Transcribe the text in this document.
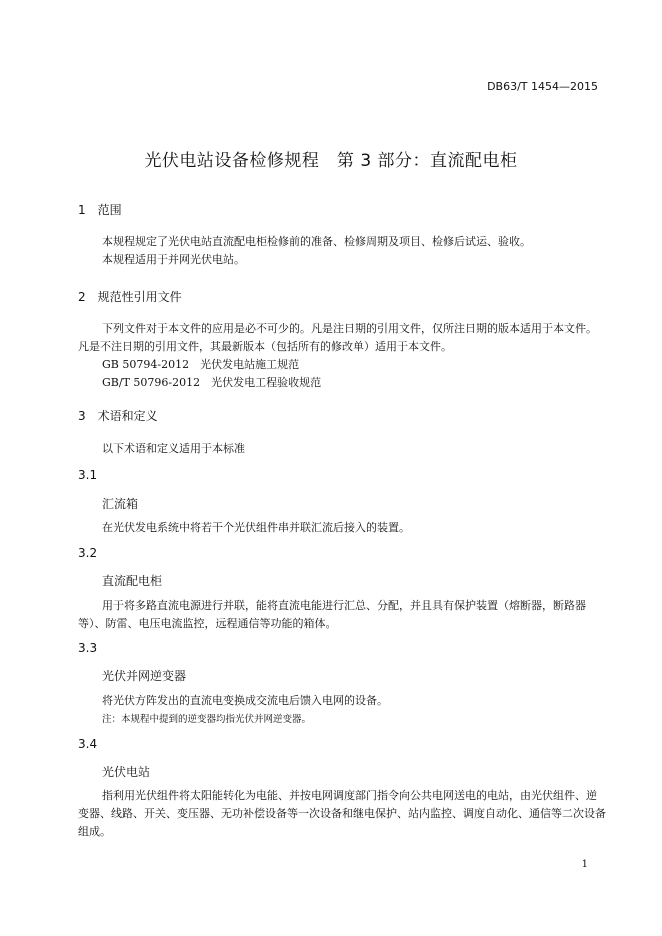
DB63/T 1454—2015
光伏电站设备检修规程　第 3 部分：直流配电柜
1　范围
本规程规定了光伏电站直流配电柜检修前的准备、检修周期及项目、检修后试运、验收。
本规程适用于并网光伏电站。
2　规范性引用文件
下列文件对于本文件的应用是必不可少的。凡是注日期的引用文件，仅所注日期的版本适用于本文件。凡是不注日期的引用文件，其最新版本（包括所有的修改单）适用于本文件。
GB 50794-2012　光伏发电站施工规范
GB/T 50796-2012　光伏发电工程验收规范
3　术语和定义
以下术语和定义适用于本标准
3.1
汇流箱
在光伏发电系统中将若干个光伏组件串并联汇流后接入的装置。
3.2
直流配电柜
用于将多路直流电源进行并联，能将直流电能进行汇总、分配，并且具有保护装置（熔断器，断路器等）、防雷、电压电流监控，远程通信等功能的箱体。
3.3
光伏并网逆变器
将光伏方阵发出的直流电变换成交流电后馈入电网的设备。
注：本规程中提到的逆变器均指光伏并网逆变器。
3.4
光伏电站
指利用光伏组件将太阳能转化为电能、并按电网调度部门指令向公共电网送电的电站，由光伏组件、逆变器、线路、开关、变压器、无功补偿设备等一次设备和继电保护、站内监控、调度自动化、通信等二次设备组成。
1
